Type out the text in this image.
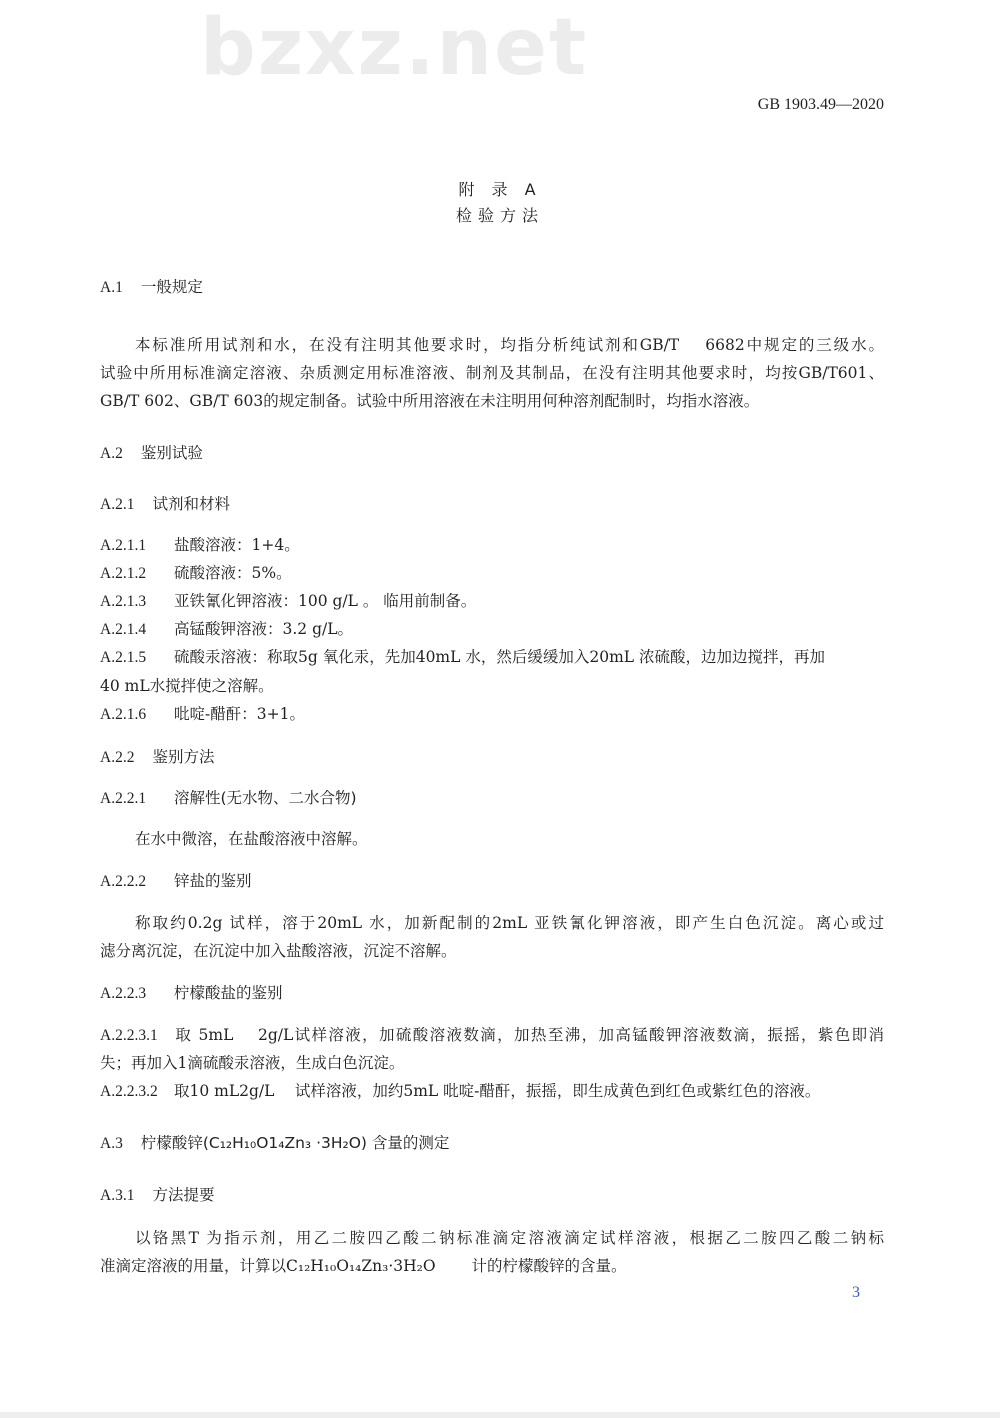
bzxz.net
GB 1903.49—2020
附 录 A
检验方法
A.1 一般规定
本标准所用试剂和水，在没有注明其他要求时，均指分析纯试剂和GB/T　 6682中规定的三级水。
试验中所用标准滴定溶液、杂质测定用标准溶液、制剂及其制品，在没有注明其他要求时，均按GB/T601、
GB/T 602、GB/T 603的规定制备。试验中所用溶液在未注明用何种溶剂配制时，均指水溶液。
A.2 鉴别试验
A.2.1 试剂和材料
A.2.1.1 盐酸溶液：1+4。
A.2.1.2 硫酸溶液：5%。
A.2.1.3 亚铁氰化钾溶液：100 g/L 。 临用前制备。
A.2.1.4 高锰酸钾溶液：3.2 g/L。
A.2.1.5 硫酸汞溶液：称取5g 氧化汞，先加40mL 水，然后缓缓加入20mL 浓硫酸，边加边搅拌，再加
40 mL水搅拌使之溶解。
A.2.1.6 吡啶-醋酐：3+1。
A.2.2 鉴别方法
A.2.2.1 溶解性(无水物、二水合物)
在水中微溶，在盐酸溶液中溶解。
A.2.2.2 锌盐的鉴别
称取约0.2g 试样，溶于20mL 水，加新配制的2mL 亚铁氰化钾溶液，即产生白色沉淀。离心或过
滤分离沉淀，在沉淀中加入盐酸溶液，沉淀不溶解。
A.2.2.3 柠檬酸盐的鉴别
A.2.2.3.1 取 5mL　 2g/L试样溶液，加硫酸溶液数滴，加热至沸，加高锰酸钾溶液数滴，振摇，紫色即消
失；再加入1滴硫酸汞溶液，生成白色沉淀。
A.2.2.3.2 取10 mL2g/L　 试样溶液，加约5mL 吡啶-醋酐，振摇，即生成黄色到红色或紫红色的溶液。
A.3 柠檬酸锌(C₁₂H₁₀O1₄Zn₃ ·3H₂O) 含量的测定
A.3.1 方法提要
以铬黑T 为指示剂，用乙二胺四乙酸二钠标准滴定溶液滴定试样溶液，根据乙二胺四乙酸二钠标
准滴定溶液的用量，计算以C₁₂H₁₀O₁₄Zn₃·3H₂O　　 计的柠檬酸锌的含量。
3
